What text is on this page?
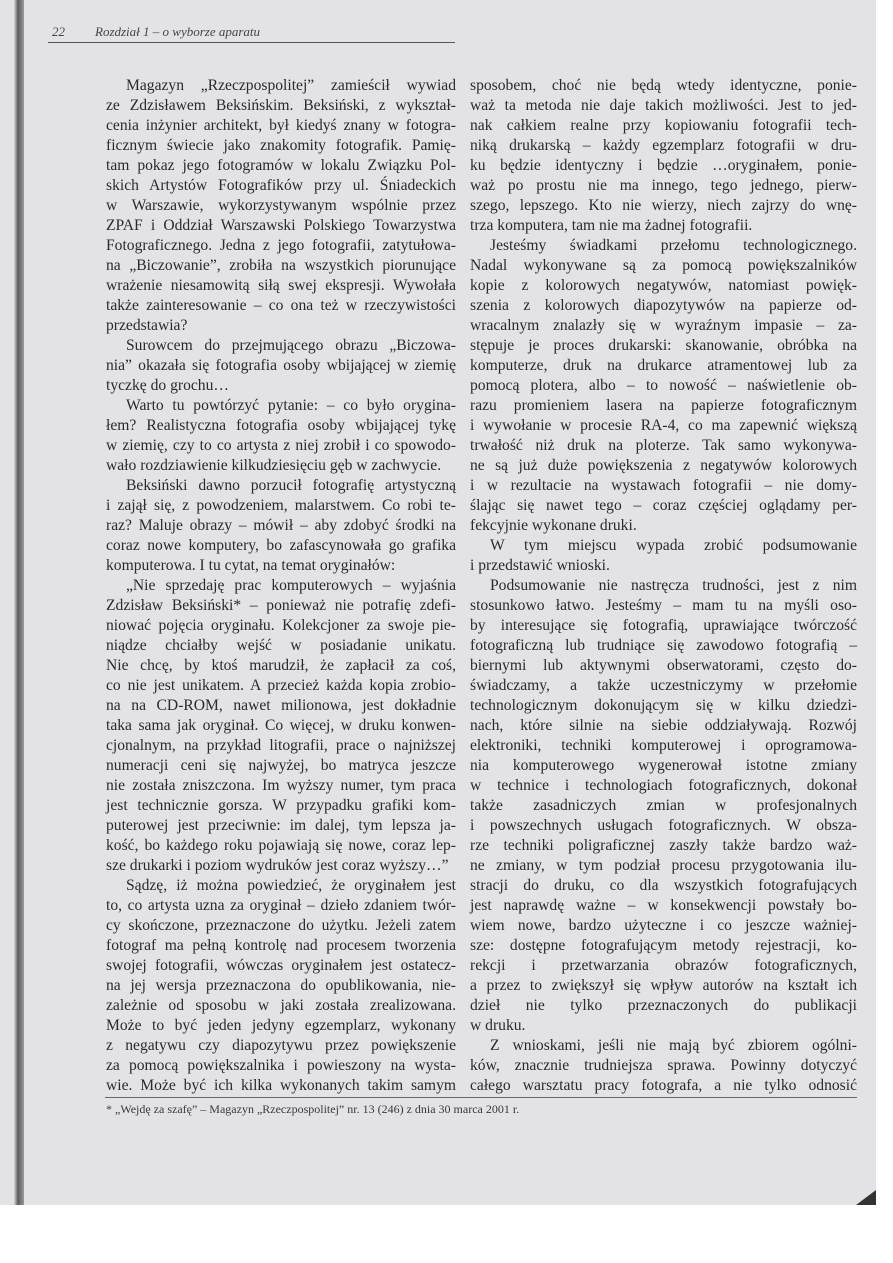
22 Rozdział 1 – o wyborze aparatu
Magazyn „Rzeczpospolitej” zamieścił wywiad
ze Zdzisławem Beksińskim. Beksiński, z wykształ-
cenia inżynier architekt, był kiedyś znany w fotogra-
ficznym świecie jako znakomity fotografik. Pamię-
tam pokaz jego fotogramów w lokalu Związku Pol-
skich Artystów Fotografików przy ul. Śniadeckich
w Warszawie, wykorzystywanym wspólnie przez
ZPAF i Oddział Warszawski Polskiego Towarzystwa
Fotograficznego. Jedna z jego fotografii, zatytułowa-
na „Biczowanie”, zrobiła na wszystkich piorunujące
wrażenie niesamowitą siłą swej ekspresji. Wywołała
także zainteresowanie – co ona też w rzeczywistości
przedstawia?
Surowcem do przejmującego obrazu „Biczowa-
nia” okazała się fotografia osoby wbijającej w ziemię
tyczkę do grochu…
Warto tu powtórzyć pytanie: – co było orygina-
łem? Realistyczna fotografia osoby wbijającej tykę
w ziemię, czy to co artysta z niej zrobił i co spowodo-
wało rozdziawienie kilkudziesięciu gęb w zachwycie.
Beksiński dawno porzucił fotografię artystyczną
i zajął się, z powodzeniem, malarstwem. Co robi te-
raz? Maluje obrazy – mówił – aby zdobyć środki na
coraz nowe komputery, bo zafascynowała go grafika
komputerowa. I tu cytat, na temat oryginałów:
„Nie sprzedaję prac komputerowych – wyjaśnia
Zdzisław Beksiński* – ponieważ nie potrafię zdefi-
niować pojęcia oryginału. Kolekcjoner za swoje pie-
niądze chciałby wejść w posiadanie unikatu.
Nie chcę, by ktoś marudził, że zapłacił za coś,
co nie jest unikatem. A przecież każda kopia zrobio-
na na CD-ROM, nawet milionowa, jest dokładnie
taka sama jak oryginał. Co więcej, w druku konwen-
cjonalnym, na przykład litografii, prace o najniższej
numeracji ceni się najwyżej, bo matryca jeszcze
nie została zniszczona. Im wyższy numer, tym praca
jest technicznie gorsza. W przypadku grafiki kom-
puterowej jest przeciwnie: im dalej, tym lepsza ja-
kość, bo każdego roku pojawiają się nowe, coraz lep-
sze drukarki i poziom wydruków jest coraz wyższy…”
Sądzę, iż można powiedzieć, że oryginałem jest
to, co artysta uzna za oryginał – dzieło zdaniem twór-
cy skończone, przeznaczone do użytku. Jeżeli zatem
fotograf ma pełną kontrolę nad procesem tworzenia
swojej fotografii, wówczas oryginałem jest ostatecz-
na jej wersja przeznaczona do opublikowania, nie-
zależnie od sposobu w jaki została zrealizowana.
Może to być jeden jedyny egzemplarz, wykonany
z negatywu czy diapozytywu przez powiększenie
za pomocą powiększalnika i powieszony na wysta-
wie. Może być ich kilka wykonanych takim samym
sposobem, choć nie będą wtedy identyczne, ponie-
waż ta metoda nie daje takich możliwości. Jest to jed-
nak całkiem realne przy kopiowaniu fotografii tech-
niką drukarską – każdy egzemplarz fotografii w dru-
ku będzie identyczny i będzie …oryginałem, ponie-
waż po prostu nie ma innego, tego jednego, pierw-
szego, lepszego. Kto nie wierzy, niech zajrzy do wnę-
trza komputera, tam nie ma żadnej fotografii.
Jesteśmy świadkami przełomu technologicznego.
Nadal wykonywane są za pomocą powiększalników
kopie z kolorowych negatywów, natomiast powięk-
szenia z kolorowych diapozytywów na papierze od-
wracalnym znalazły się w wyraźnym impasie – za-
stępuje je proces drukarski: skanowanie, obróbka na
komputerze, druk na drukarce atramentowej lub za
pomocą plotera, albo – to nowość – naświetlenie ob-
razu promieniem lasera na papierze fotograficznym
i wywołanie w procesie RA-4, co ma zapewnić większą
trwałość niż druk na ploterze. Tak samo wykonywa-
ne są już duże powiększenia z negatywów kolorowych
i w rezultacie na wystawach fotografii – nie domy-
ślając się nawet tego – coraz częściej oglądamy per-
fekcyjnie wykonane druki.
W tym miejscu wypada zrobić podsumowanie
i przedstawić wnioski.
Podsumowanie nie nastręcza trudności, jest z nim
stosunkowo łatwo. Jesteśmy – mam tu na myśli oso-
by interesujące się fotografią, uprawiające twórczość
fotograficzną lub trudniące się zawodowo fotografią –
biernymi lub aktywnymi obserwatorami, często do-
świadczamy, a także uczestniczymy w przełomie
technologicznym dokonującym się w kilku dziedzi-
nach, które silnie na siebie oddziaływają. Rozwój
elektroniki, techniki komputerowej i oprogramowa-
nia komputerowego wygenerował istotne zmiany
w technice i technologiach fotograficznych, dokonał
także zasadniczych zmian w profesjonalnych
i powszechnych usługach fotograficznych. W obsza-
rze techniki poligraficznej zaszły także bardzo waż-
ne zmiany, w tym podział procesu przygotowania ilu-
stracji do druku, co dla wszystkich fotografujących
jest naprawdę ważne – w konsekwencji powstały bo-
wiem nowe, bardzo użyteczne i co jeszcze ważniej-
sze: dostępne fotografującym metody rejestracji, ko-
rekcji i przetwarzania obrazów fotograficznych,
a przez to zwiększył się wpływ autorów na kształt ich
dzieł nie tylko przeznaczonych do publikacji
w druku.
Z wnioskami, jeśli nie mają być zbiorem ogólni-
ków, znacznie trudniejsza sprawa. Powinny dotyczyć
całego warsztatu pracy fotografa, a nie tylko odnosić
* „Wejdę za szafę” – Magazyn „Rzeczpospolitej” nr. 13 (246) z dnia 30 marca 2001 r.
